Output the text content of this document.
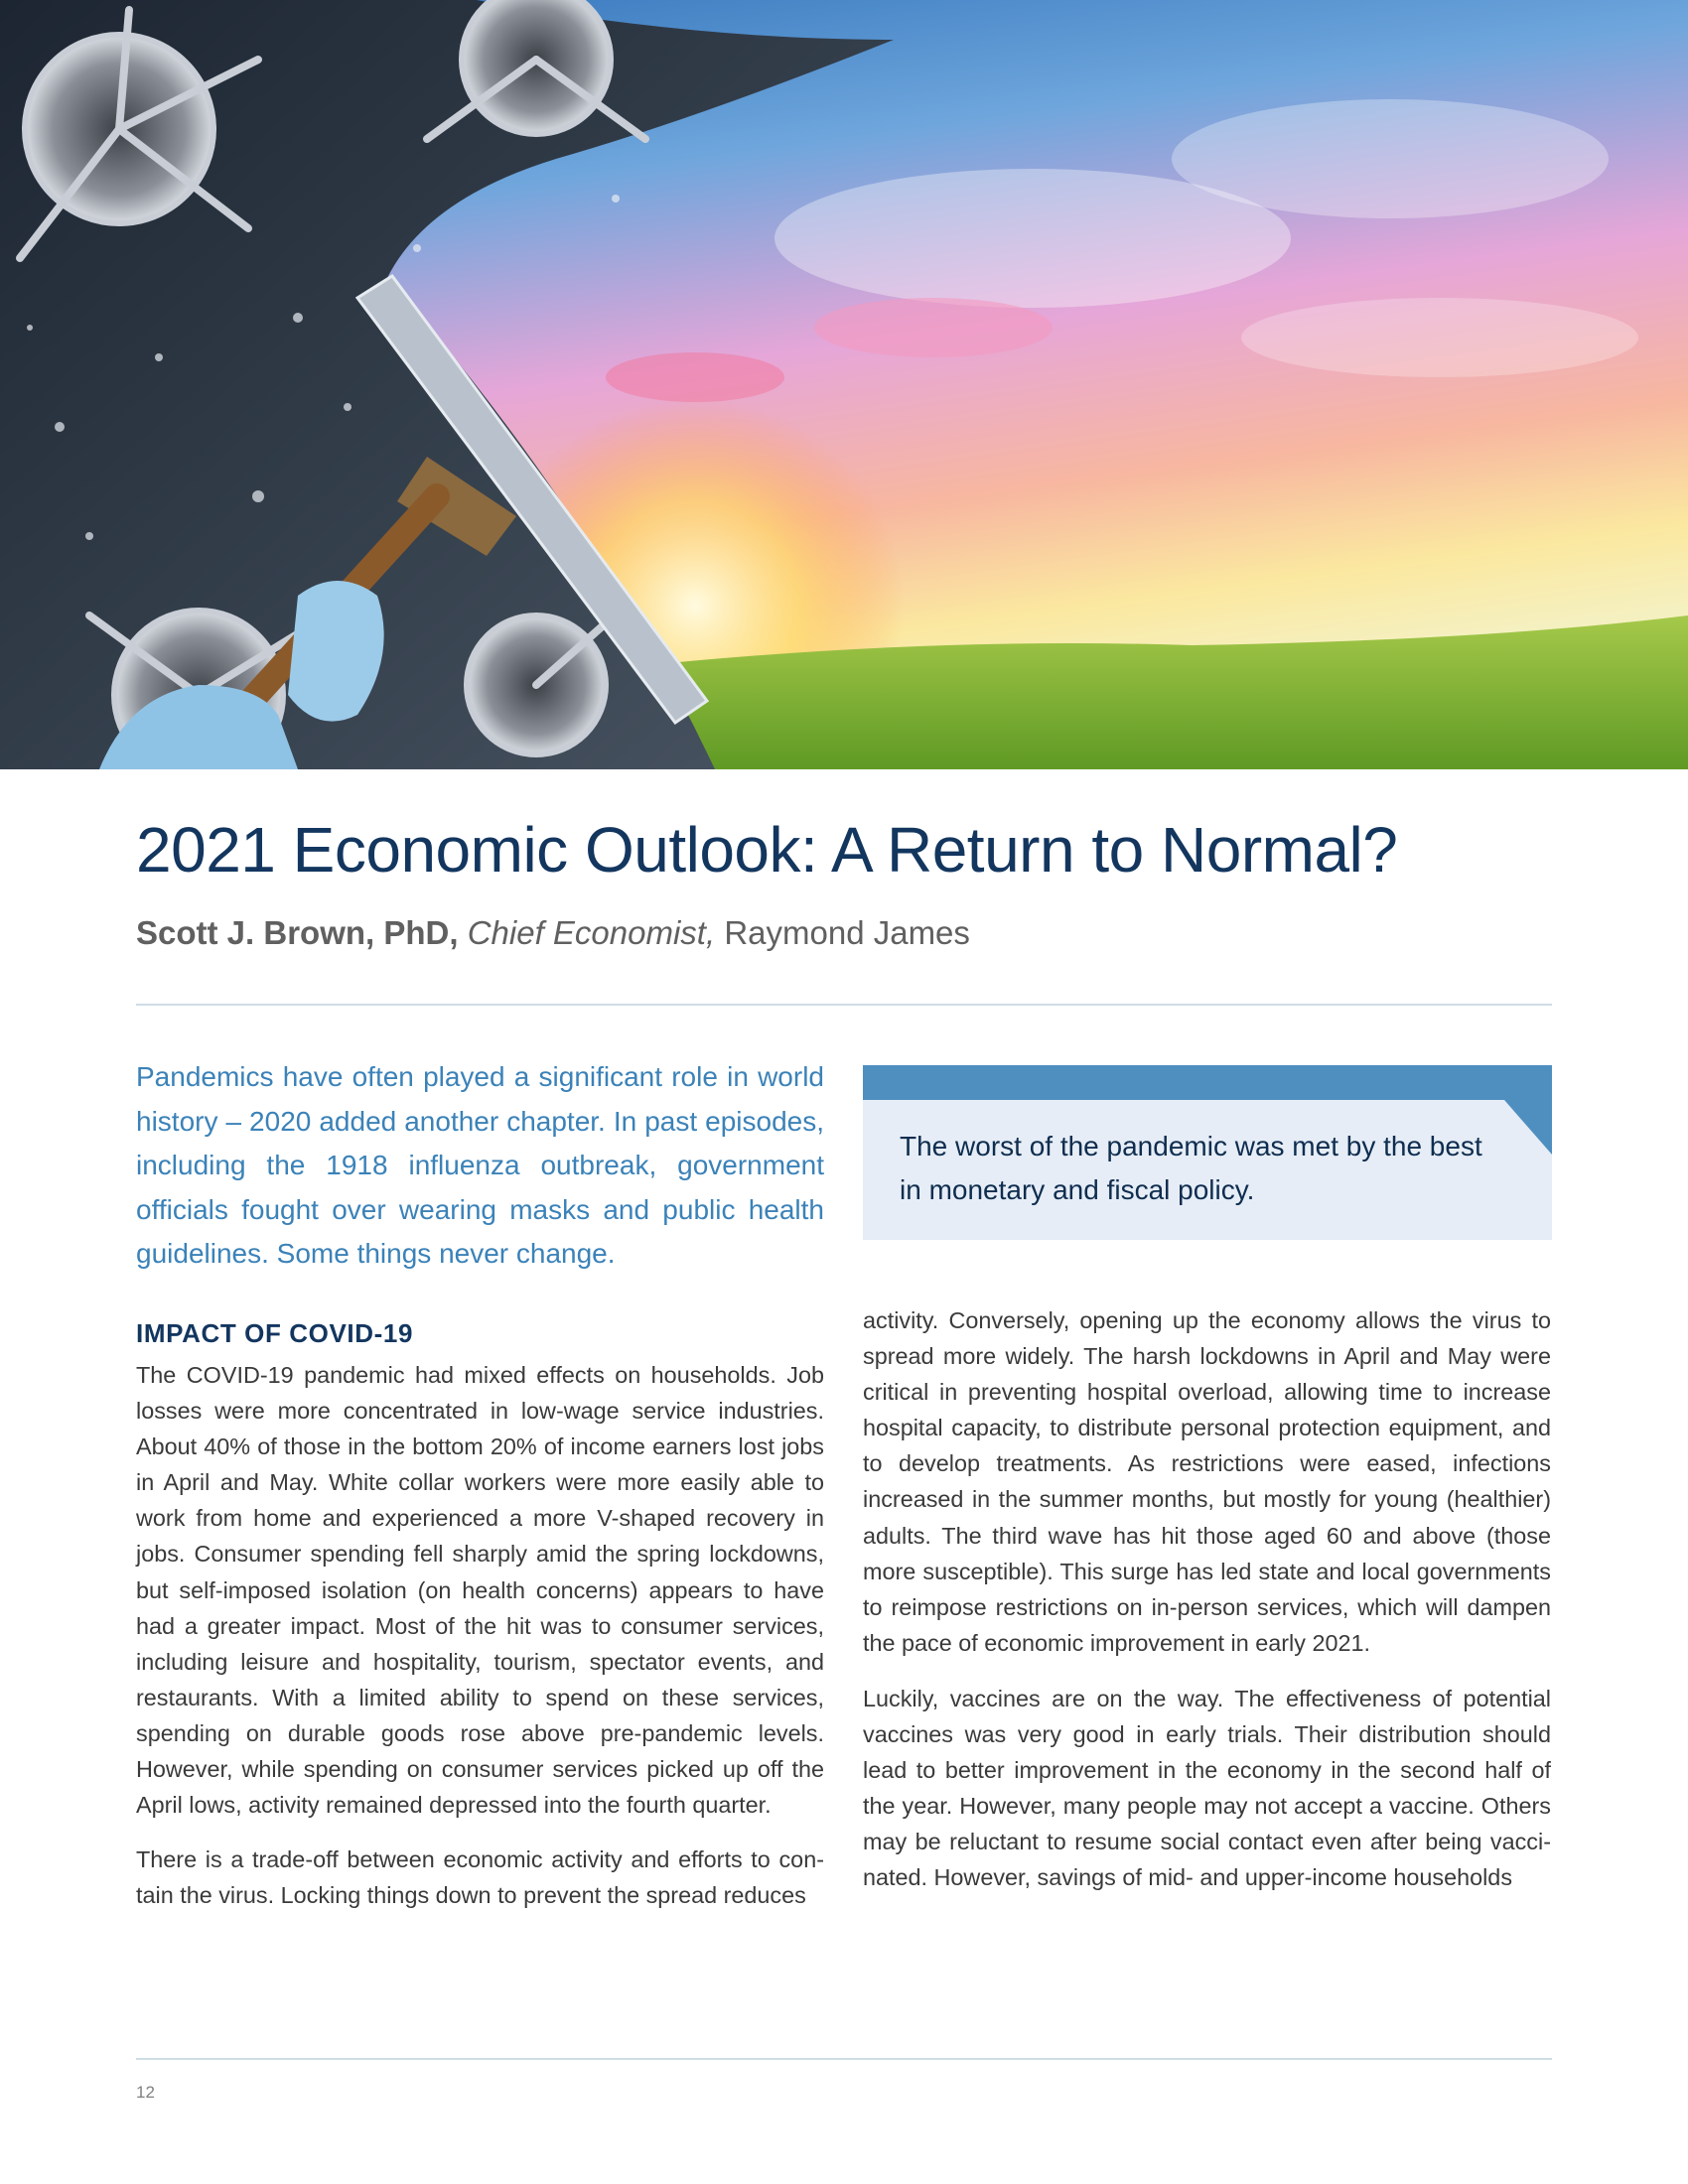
2021 Economic Outlook: A Return to Normal?
Scott J. Brown, PhD, Chief Economist, Raymond James

Pandemics have often played a significant role in world history – 2020 added another chapter. In past episodes, including the 1918 influenza outbreak, government officials fought over wearing masks and public health guidelines. Some things never change.

The worst of the pandemic was met by the best in monetary and fiscal policy.

IMPACT OF COVID-19

The COVID-19 pandemic had mixed effects on households. Job losses were more concentrated in low-wage service industries. About 40% of those in the bottom 20% of income earners lost jobs in April and May. White collar workers were more easily able to work from home and experienced a more V-shaped recovery in jobs. Consumer spending fell sharply amid the spring lockdowns, but self-imposed isolation (on health concerns) appears to have had a greater impact. Most of the hit was to consumer services, including leisure and hospitality, tourism, spectator events, and restaurants. With a limited ability to spend on these services, spending on durable goods rose above pre-pandemic levels. However, while spending on consumer services picked up off the April lows, activity remained depressed into the fourth quarter.

There is a trade-off between economic activity and efforts to contain the virus. Locking things down to prevent the spread reduces

activity. Conversely, opening up the economy allows the virus to spread more widely. The harsh lockdowns in April and May were critical in preventing hospital overload, allowing time to increase hospital capacity, to distribute personal protection equipment, and to develop treatments. As restrictions were eased, infections increased in the summer months, but mostly for young (healthier) adults. The third wave has hit those aged 60 and above (those more susceptible). This surge has led state and local governments to reimpose restrictions on in-person services, which will dampen the pace of economic improvement in early 2021.

Luckily, vaccines are on the way. The effectiveness of potential vaccines was very good in early trials. Their distribution should lead to better improvement in the economy in the second half of the year. However, many people may not accept a vaccine. Others may be reluctant to resume social contact even after being vaccinated. However, savings of mid- and upper-income households

12
